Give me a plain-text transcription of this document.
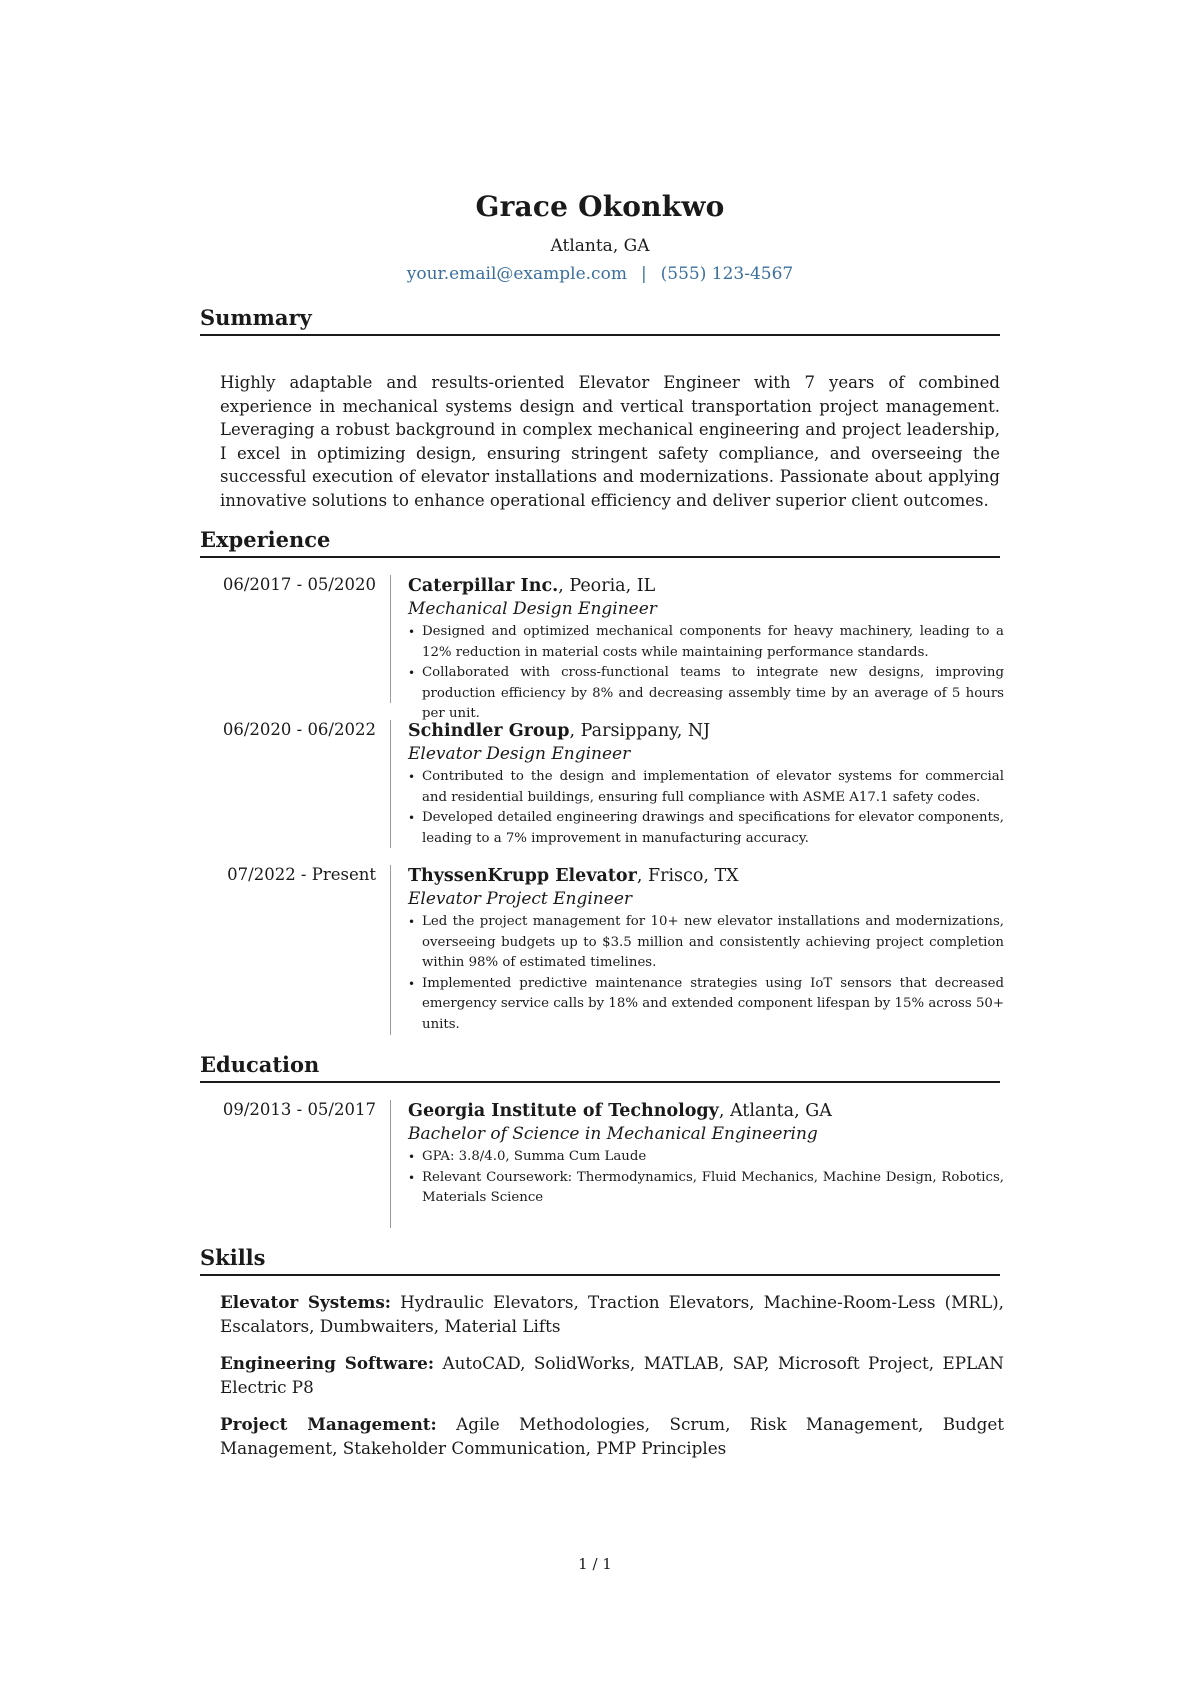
Grace Okonkwo
Atlanta, GA
your.email@example.com | (555) 123-4567
Summary
Highly adaptable and results-oriented Elevator Engineer with 7 years of combined experience in mechanical systems design and vertical transportation project management. Leveraging a robust background in complex mechanical engineering and project leadership, I excel in optimizing design, ensuring stringent safety compliance, and overseeing the successful execution of elevator installations and modernizations. Passionate about applying innovative solutions to enhance operational efficiency and deliver superior client outcomes.
Experience
06/2017 - 05/2020 Caterpillar Inc., Peoria, IL
Mechanical Design Engineer
• Designed and optimized mechanical components for heavy machinery, leading to a 12% reduction in material costs while maintaining performance standards.
• Collaborated with cross-functional teams to integrate new designs, improving production efficiency by 8% and decreasing assembly time by an average of 5 hours per unit.
06/2020 - 06/2022 Schindler Group, Parsippany, NJ
Elevator Design Engineer
• Contributed to the design and implementation of elevator systems for commercial and residential buildings, ensuring full compliance with ASME A17.1 safety codes.
• Developed detailed engineering drawings and specifications for elevator components, leading to a 7% improvement in manufacturing accuracy.
07/2022 - Present ThyssenKrupp Elevator, Frisco, TX
Elevator Project Engineer
• Led the project management for 10+ new elevator installations and modernizations, overseeing budgets up to $3.5 million and consistently achieving project completion within 98% of estimated timelines.
• Implemented predictive maintenance strategies using IoT sensors that decreased emergency service calls by 18% and extended component lifespan by 15% across 50+ units.
Education
09/2013 - 05/2017 Georgia Institute of Technology, Atlanta, GA
Bachelor of Science in Mechanical Engineering
• GPA: 3.8/4.0, Summa Cum Laude
• Relevant Coursework: Thermodynamics, Fluid Mechanics, Machine Design, Robotics, Materials Science
Skills
Elevator Systems: Hydraulic Elevators, Traction Elevators, Machine-Room-Less (MRL), Escalators, Dumbwaiters, Material Lifts
Engineering Software: AutoCAD, SolidWorks, MATLAB, SAP, Microsoft Project, EPLAN Electric P8
Project Management: Agile Methodologies, Scrum, Risk Management, Budget Management, Stakeholder Communication, PMP Principles
1 / 1
